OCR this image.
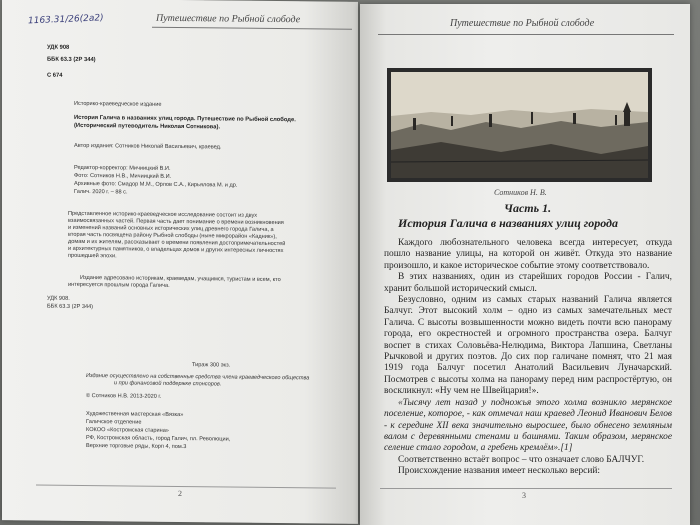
1163.31/26(2a2)	Путешествие по Рыбной слободе
УДК 908
ББК 63.3 (2Р 344)
С 674
Историко-краеведческое издание
История Галича в названиях улиц города. Путешествие по Рыбной слободе.
(Исторический путеводитель Николая Сотникова).
Автор издания: Сотников Николай Васильевич, краевед.
Редактор-корректор: Мичиицкий В.И.
Фото: Сотников Н.В., Мичиицкий В.И.
Архивные фото: Смадор М.М., Орлов С.А., Кирьялова М. и др.
Галич. 2020 г. – 88 с.
Представленное историко-краеведческое исследование состоит из двух
взаимосвязанных частей. Первая часть дает понимание о времени возникновения
и изменений названий основных исторических улиц древнего города Галича, а
вторая часть посвящена району Рыбной слободы (ныне микрорайон «Кадник»),
домам и их жителям, рассказывает о времени появления достопримечательностей
и архитектурных памятников, о владельцах домов и других интересных личностях
прошедшей эпохи.
Издание адресовано историкам, краеведам, учащимся, туристам и всем, кто
интересуется прошлым города Галича.
УДК 908.
ББК 63.3 (2Р 344)
Тираж 300 экз.
Издание осуществлено на собственные средства члена краеведческого общества
и при финансовой поддержке спонсоров.
© Сотников Н.В. 2013-2020 г.
Художественная мастерская «Вязка»
Галичское отделение
КОКОО «Костромская старина»
РФ, Костромская область, город Галич, пл. Революции,
Верхние торговые ряды, Корп 4, пом.3
2
Путешествие по Рыбной слободе
Сотников Н. В.
Часть 1.
История Галича в названиях улиц города

Каждого любознательного человека всегда интересует, откуда пошло название улицы, на которой он живёт. Откуда это название произошло, и какое историческое событие этому соответствовало.

В этих названиях, один из старейших городов России - Галич, хранит большой исторический смысл.

Безусловно, одним из самых старых названий Галича является Балчуг. Этот высокий холм – одно из самых замечательных мест Галича. С высоты возвышенности можно видеть почти всю панораму города, его окрестностей и огромного пространства озера. Балчуг воспет в стихах Соловьёва-Нелюдима, Виктора Лапшина, Светланы Рычковой и других поэтов. До сих пор галичане помнят, что 21 мая 1919 года Балчуг посетил Анатолий Васильевич Луначарский. Посмотрев с высоты холма на панораму перед ним распростёртую, он воскликнул: «Ну чем не Швейцария!».

«Тысячу лет назад у подножья этого холма возникло мерянское поселение, которое, - как отмечал наш краевед Леонид Иванович Белов - к середине XII века значительно выросшее, было обнесено земляным валом с деревянными стенами и башнями. Таким образом, мерянское селение стало городом, а гребень кремлём».[1]

Соответственно встаёт вопрос – что означает слово БАЛЧУГ.

Происхождение названия имеет несколько версий:

3
